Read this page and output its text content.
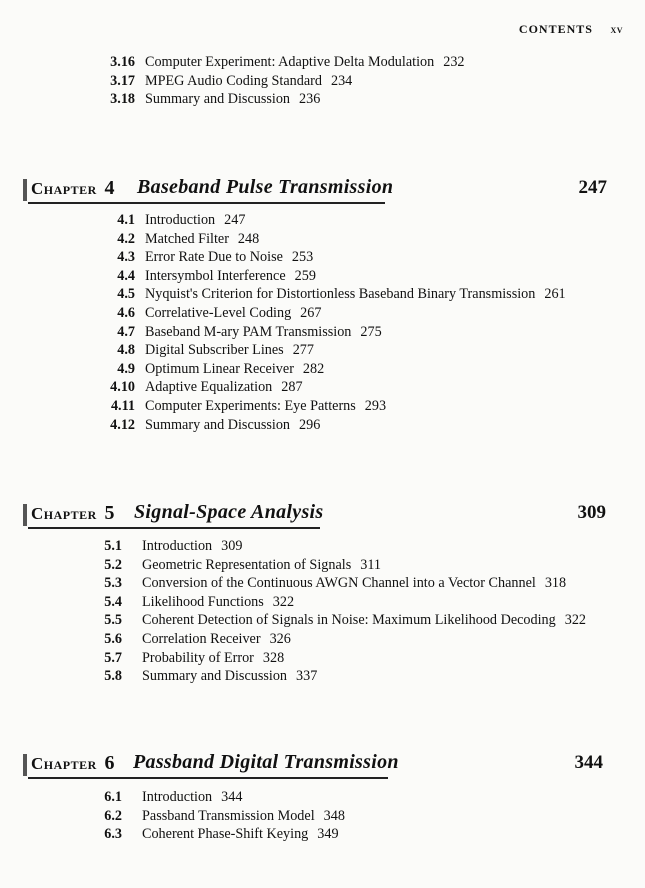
CONTENTS xv
3.16 Computer Experiment: Adaptive Delta Modulation 232
3.17 MPEG Audio Coding Standard 234
3.18 Summary and Discussion 236
Chapter 4 Baseband Pulse Transmission	247
4.1 Introduction 247
4.2 Matched Filter 248
4.3 Error Rate Due to Noise 253
4.4 Intersymbol Interference 259
4.5 Nyquist's Criterion for Distortionless Baseband Binary Transmission 261
4.6 Correlative-Level Coding 267
4.7 Baseband M-ary PAM Transmission 275
4.8 Digital Subscriber Lines 277
4.9 Optimum Linear Receiver 282
4.10 Adaptive Equalization 287
4.11 Computer Experiments: Eye Patterns 293
4.12 Summary and Discussion 296
Chapter 5 Signal-Space Analysis	309
5.1 Introduction 309
5.2 Geometric Representation of Signals 311
5.3 Conversion of the Continuous AWGN Channel into a Vector Channel 318
5.4 Likelihood Functions 322
5.5 Coherent Detection of Signals in Noise: Maximum Likelihood Decoding 322
5.6 Correlation Receiver 326
5.7 Probability of Error 328
5.8 Summary and Discussion 337
Chapter 6 Passband Digital Transmission	344
6.1 Introduction 344
6.2 Passband Transmission Model 348
6.3 Coherent Phase-Shift Keying 349
